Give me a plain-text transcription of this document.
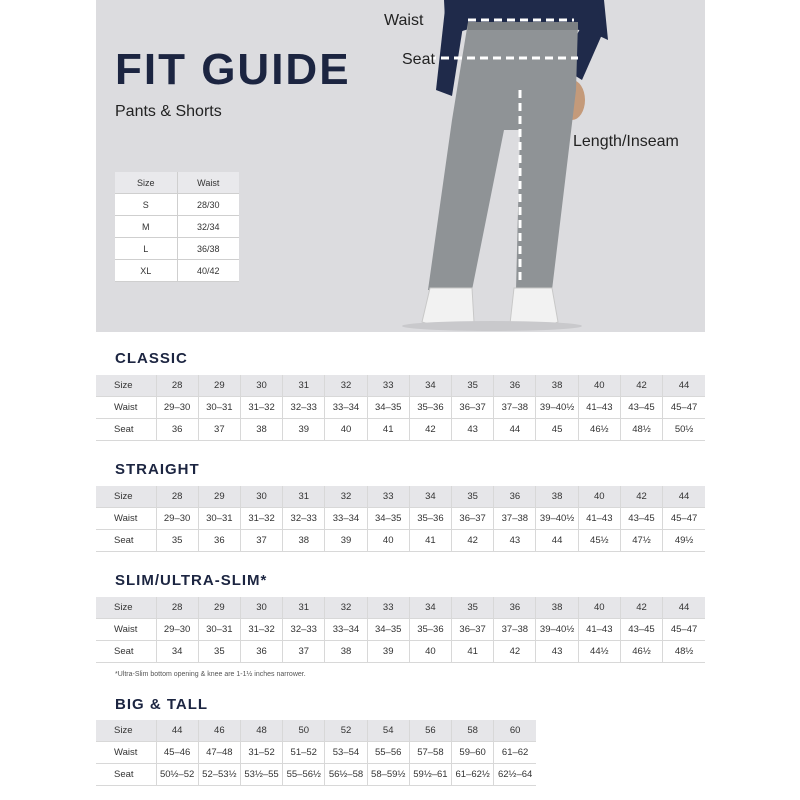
FIT GUIDE
Pants & Shorts
Waist
Seat
Length/Inseam
Size	Waist
S	28/30
M	32/34
L	36/38
XL	40/42
CLASSIC
STRAIGHT
SLIM/ULTRA-SLIM*
BIG & TALL
Size	28	29	30	31	32	33	34	35	36	38	40	42	44
Waist	29–30	30–31	31–32	32–33	33–34	34–35	35–36	36–37	37–38	39–40½	41–43	43–45	45–47
Seat	36	37	38	39	40	41	42	43	44	45	46½	48½	50½
Size	28	29	30	31	32	33	34	35	36	38	40	42	44
Waist	29–30	30–31	31–32	32–33	33–34	34–35	35–36	36–37	37–38	39–40½	41–43	43–45	45–47
Seat	35	36	37	38	39	40	41	42	43	44	45½	47½	49½
Size	28	29	30	31	32	33	34	35	36	38	40	42	44
Waist	29–30	30–31	31–32	32–33	33–34	34–35	35–36	36–37	37–38	39–40½	41–43	43–45	45–47
Seat	34	35	36	37	38	39	40	41	42	43	44½	46½	48½
*Ultra-Slim bottom opening & knee are 1-1½ inches narrower.
Size	44	46	48	50	52	54	56	58	60
Waist	45–46	47–48	31–52	51–52	53–54	55–56	57–58	59–60	61–62
Seat	50½–52	52–53½	53½–55	55–56½	56½–58	58–59½	59½–61	61–62½	62½–64
